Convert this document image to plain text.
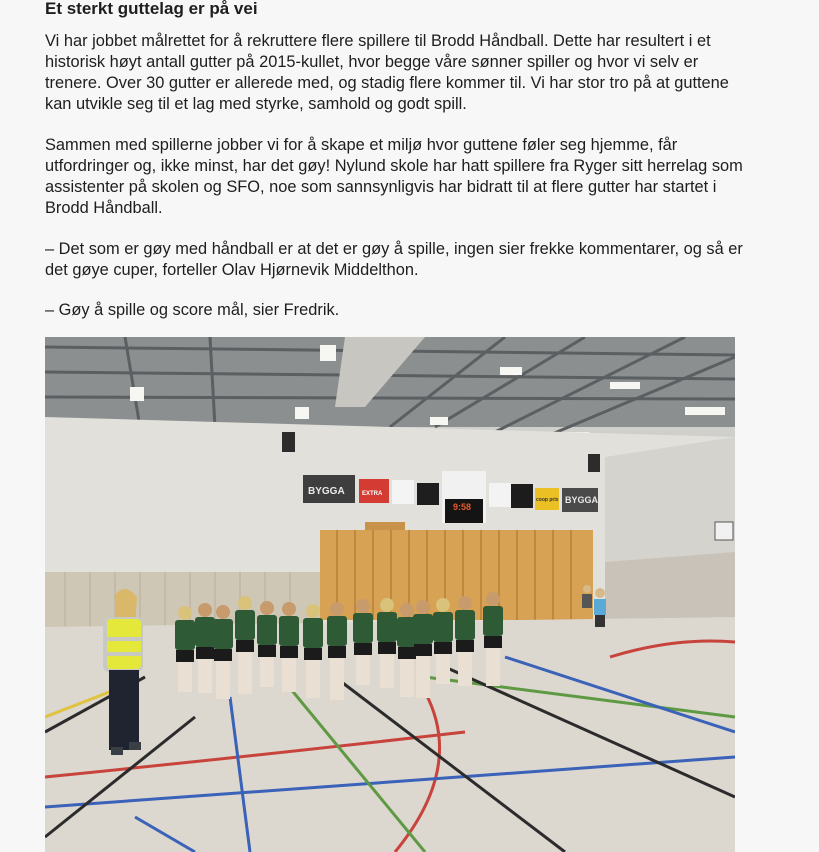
Et sterkt guttelag er på vei

Vi har jobbet målrettet for å rekruttere flere spillere til Brodd Håndball. Dette har resultert i et historisk høyt antall gutter på 2015-kullet, hvor begge våre sønner spiller og hvor vi selv er trenere. Over 30 gutter er allerede med, og stadig flere kommer til. Vi har stor tro på at guttene kan utvikle seg til et lag med styrke, samhold og godt spill.

Sammen med spillerne jobber vi for å skape et miljø hvor guttene føler seg hjemme, får utfordringer og, ikke minst, har det gøy! Nylund skole har hatt spillere fra Ryger sitt herrelag som assistenter på skolen og SFO, noe som sannsynligvis har bidratt til at flere gutter har startet i Brodd Håndball.

– Det som er gøy med håndball er at det er gøy å spille, ingen sier frekke kommentarer, og så er det gøye cuper, forteller Olav Hjørnevik Middelthon.

– Gøy å spille og score mål, sier Fredrik.

BYGGA	EXTRA
coop prix BYGGA
9:58
